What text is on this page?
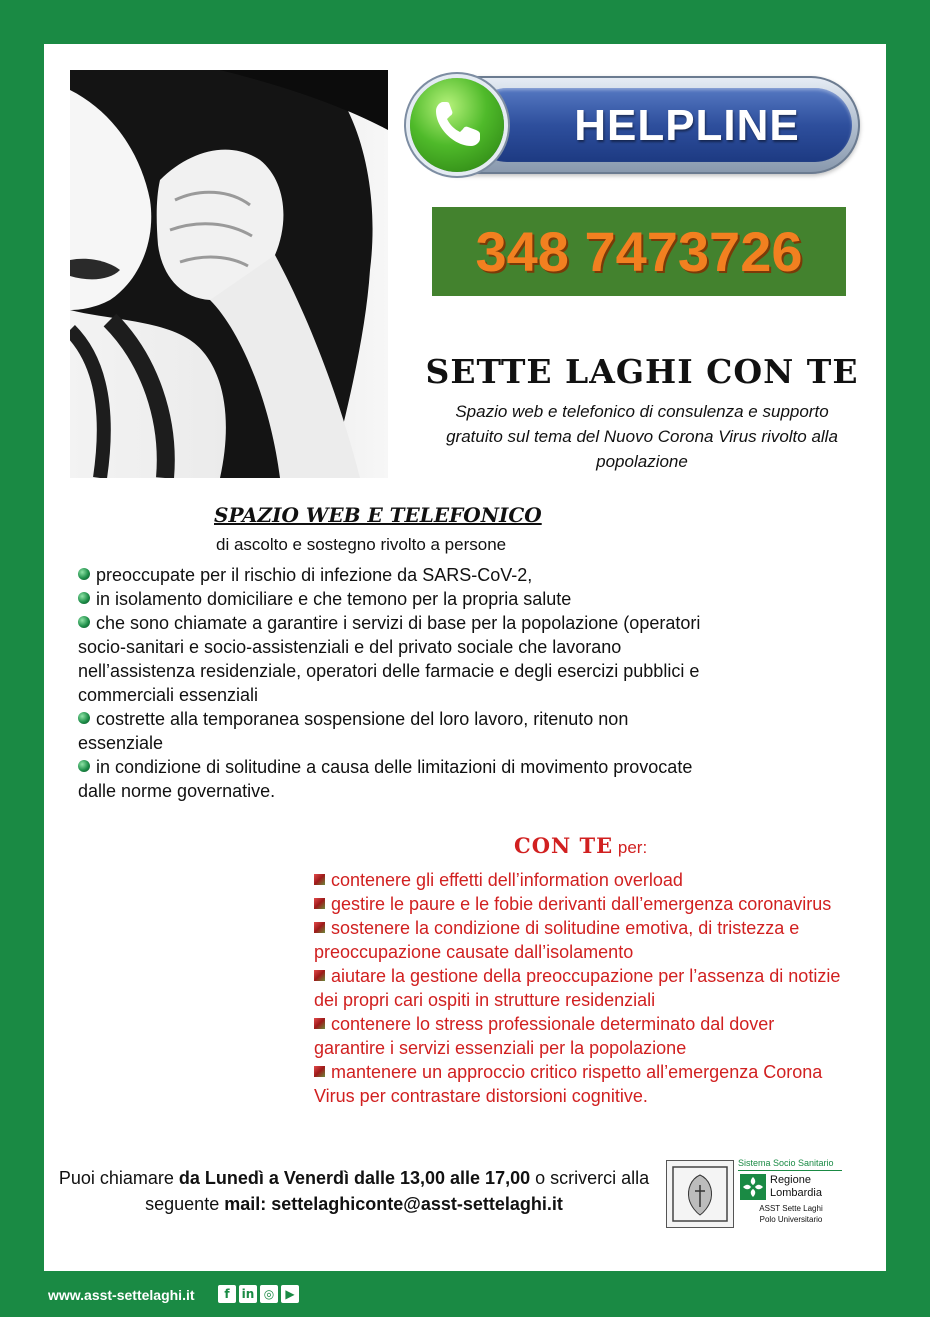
HELPLINE
348 7473726
SETTE LAGHI CON TE
Spazio web e telefonico di consulenza e supporto gratuito sul tema del Nuovo Corona Virus rivolto alla popolazione
SPAZIO WEB E TELEFONICO
di ascolto e sostegno rivolto a persone
preoccupate per il rischio di infezione da SARS-CoV-2,
in isolamento domiciliare e che temono per la propria salute
che sono chiamate a garantire i servizi di base per la popolazione (operatori socio-sanitari e socio-assistenziali e del privato sociale che lavorano nell’assistenza residenziale, operatori delle farmacie e degli esercizi pubblici e commerciali essenziali
costrette alla temporanea sospensione del loro lavoro, ritenuto non essenziale
in condizione di solitudine a causa delle limitazioni di movimento provocate dalle norme governative.
CON TE per:
contenere gli effetti dell’information overload
gestire le paure e le fobie derivanti dall’emergenza coronavirus
sostenere la condizione di solitudine emotiva, di tristezza e preoccupazione causate dall’isolamento
aiutare la gestione della preoccupazione per l’assenza di notizie dei propri cari ospiti in strutture residenziali
contenere lo stress professionale determinato dal dover garantire i servizi essenziali per la popolazione
mantenere un approccio critico rispetto all’emergenza Corona Virus per contrastare distorsioni cognitive.
Puoi chiamare da Lunedì a Venerdì dalle 13,00 alle 17,00 o scriverci alla seguente mail: settelaghiconte@asst-settelaghi.it
Sistema Socio Sanitario
Regione Lombardia
ASST Sette Laghi
Polo Universitario
www.asst-settelaghi.it	f	in ◎ ▶
